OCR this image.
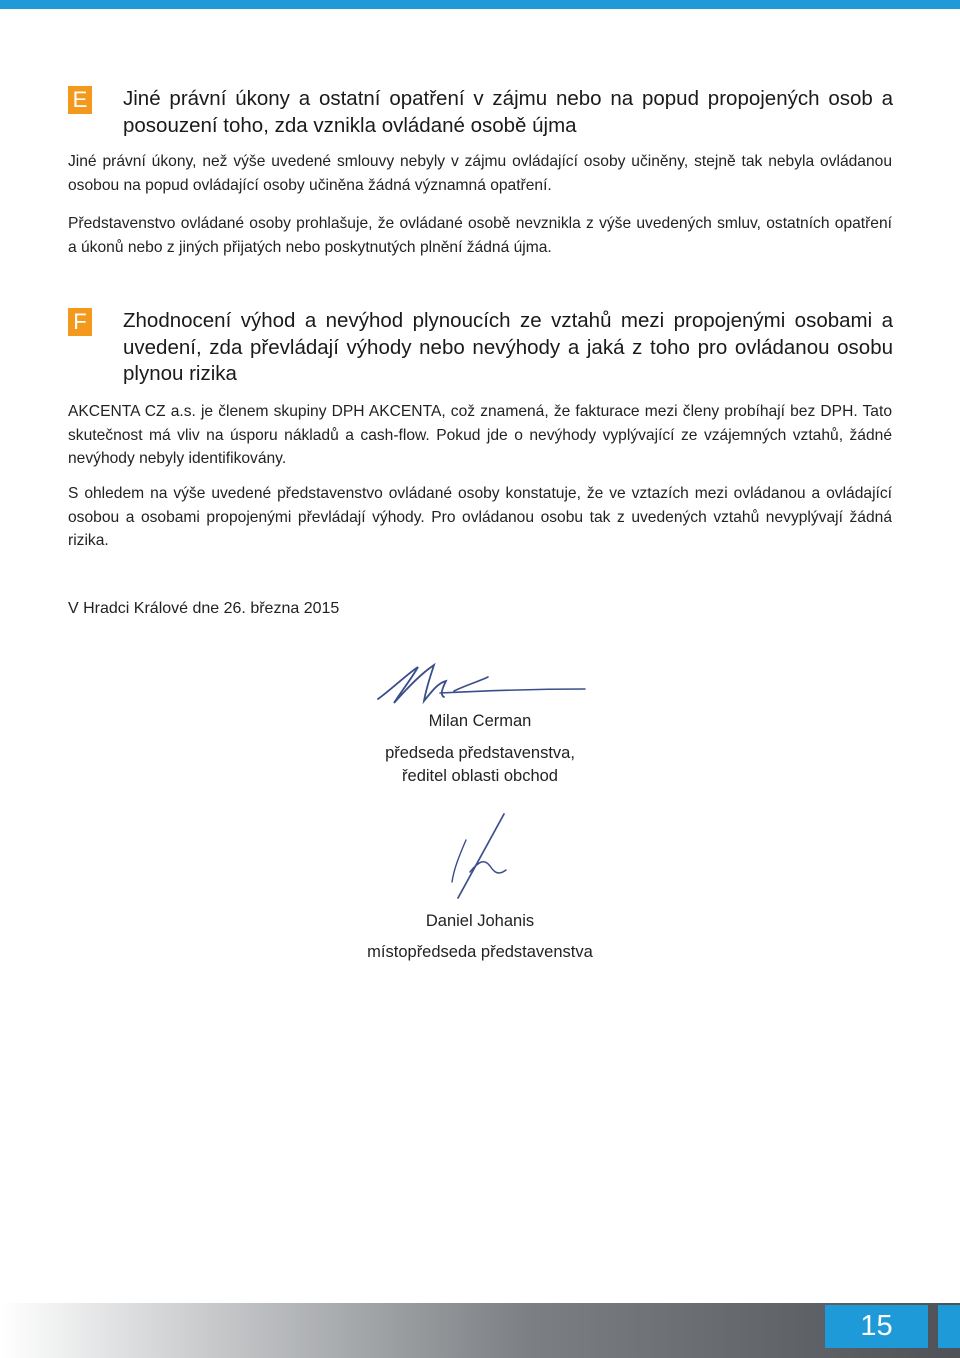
E Jiné právní úkony a ostatní opatření v zájmu nebo na popud propojených osob a posouzení toho, zda vznikla ovládané osobě újma

Jiné právní úkony, než výše uvedené smlouvy nebyly v zájmu ovládající osoby učiněny, stejně tak nebyla ovládanou osobou na popud ovládající osoby učiněna žádná významná opatření.

Představenstvo ovládané osoby prohlašuje, že ovládané osobě nevznikla z výše uvedených smluv, ostatních opatření a úkonů nebo z jiných přijatých nebo poskytnutých plnění žádná újma.

F Zhodnocení výhod a nevýhod plynoucích ze vztahů mezi propojenými osobami a uvedení, zda převládají výhody nebo nevýhody a jaká z toho pro ovládanou osobu plynou rizika

AKCENTA CZ a.s. je členem skupiny DPH AKCENTA, což znamená, že fakturace mezi členy probíhají bez DPH. Tato skutečnost má vliv na úsporu nákladů a cash-flow. Pokud jde o nevýhody vyplývající ze vzájemných vztahů, žádné nevýhody nebyly identifikovány.

S ohledem na výše uvedené představenstvo ovládané osoby konstatuje, že ve vztazích mezi ovládanou a ovládající osobou a osobami propojenými převládají výhody. Pro ovládanou osobu tak z uvedených vztahů nevyplývají žádná rizika.

V Hradci Králové dne 26. března 2015
Milan Cerman
předseda představenstva,
ředitel oblasti obchod
Daniel Johanis
místopředseda představenstva
15
